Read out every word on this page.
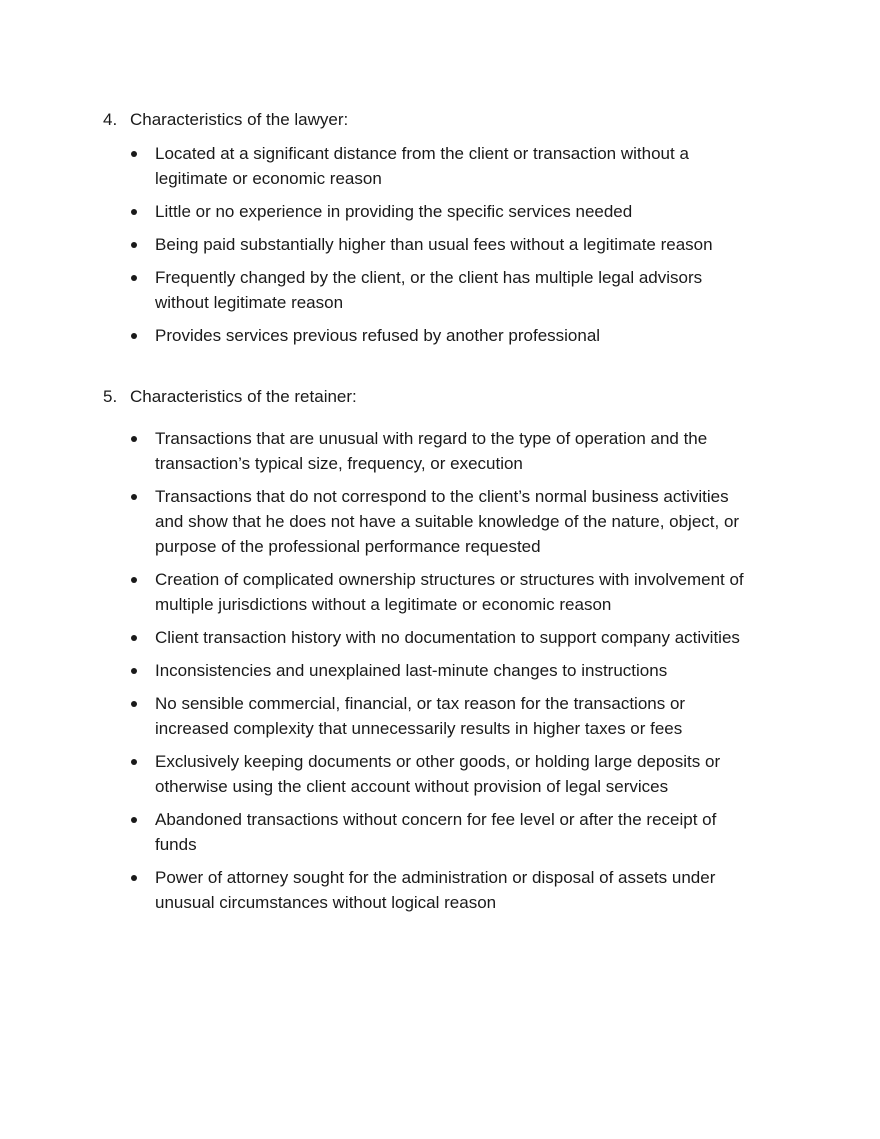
4. Characteristics of the lawyer:

Located at a significant distance from the client or transaction without a legitimate or economic reason
Little or no experience in providing the specific services needed
Being paid substantially higher than usual fees without a legitimate reason
Frequently changed by the client, or the client has multiple legal advisors without legitimate reason
Provides services previous refused by another professional

5. Characteristics of the retainer:

Transactions that are unusual with regard to the type of operation and the transaction’s typical size, frequency, or execution
Transactions that do not correspond to the client’s normal business activities and show that he does not have a suitable knowledge of the nature, object, or purpose of the professional performance requested
Creation of complicated ownership structures or structures with involvement of multiple jurisdictions without a legitimate or economic reason
Client transaction history with no documentation to support company activities
Inconsistencies and unexplained last-minute changes to instructions
No sensible commercial, financial, or tax reason for the transactions or increased complexity that unnecessarily results in higher taxes or fees
Exclusively keeping documents or other goods, or holding large deposits or otherwise using the client account without provision of legal services
Abandoned transactions without concern for fee level or after the receipt of funds
Power of attorney sought for the administration or disposal of assets under unusual circumstances without logical reason
